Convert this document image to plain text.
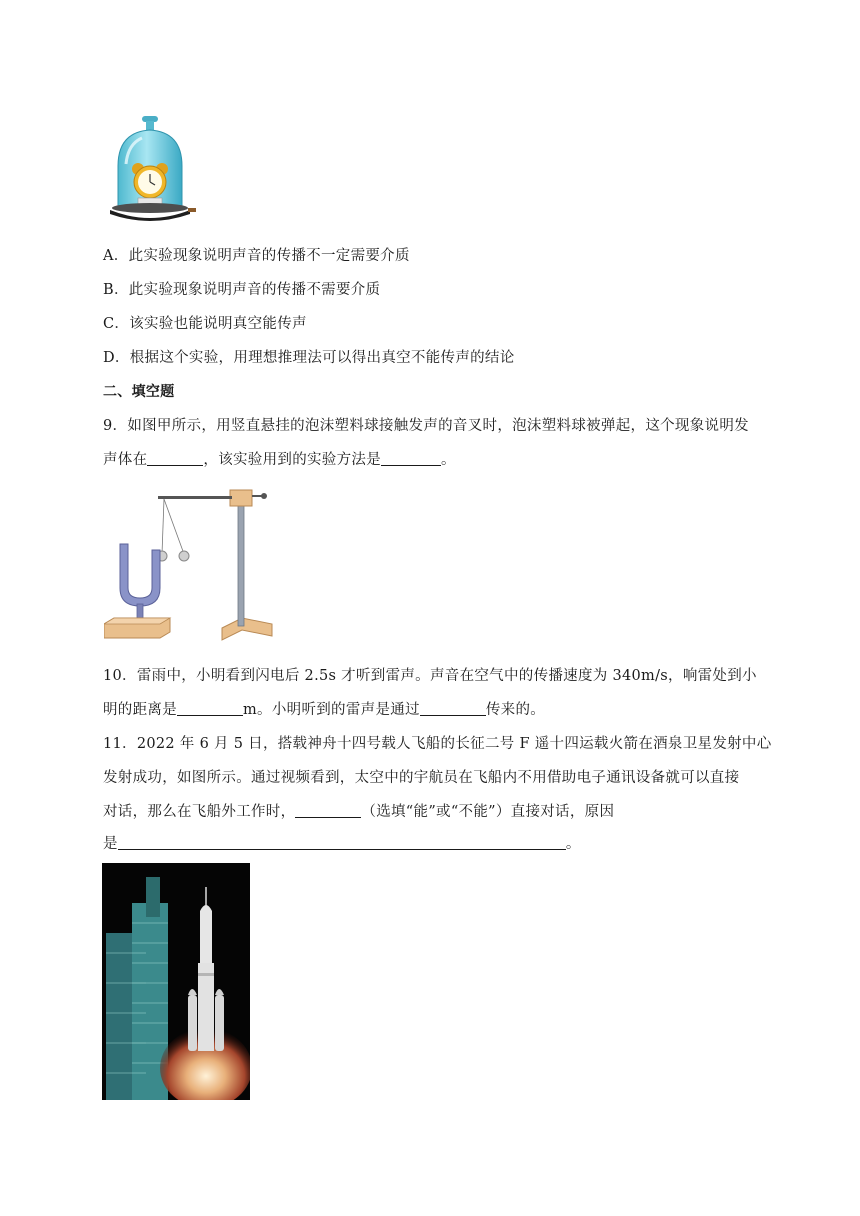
A．此实验现象说明声音的传播不一定需要介质
B．此实验现象说明声音的传播不需要介质
C．该实验也能说明真空能传声
D．根据这个实验，用理想推理法可以得出真空不能传声的结论
二、填空题
9．如图甲所示，用竖直悬挂的泡沫塑料球接触发声的音叉时，泡沫塑料球被弹起，这个现象说明发
声体在	，该实验用到的实验方法是	。
10．雷雨中，小明看到闪电后 2.5s 才听到雷声。声音在空气中的传播速度为 340m/s，响雷处到小
明的距离是	m。小明听到的雷声是通过	传来的。
11．2022 年 6 月 5 日，搭载神舟十四号载人飞船的长征二号 F 遥十四运载火箭在酒泉卫星发射中心
发射成功，如图所示。通过视频看到，太空中的宇航员在飞船内不用借助电子通讯设备就可以直接
对话，那么在飞船外工作时，	（选填“能”或“不能”）直接对话，原因
是	。
